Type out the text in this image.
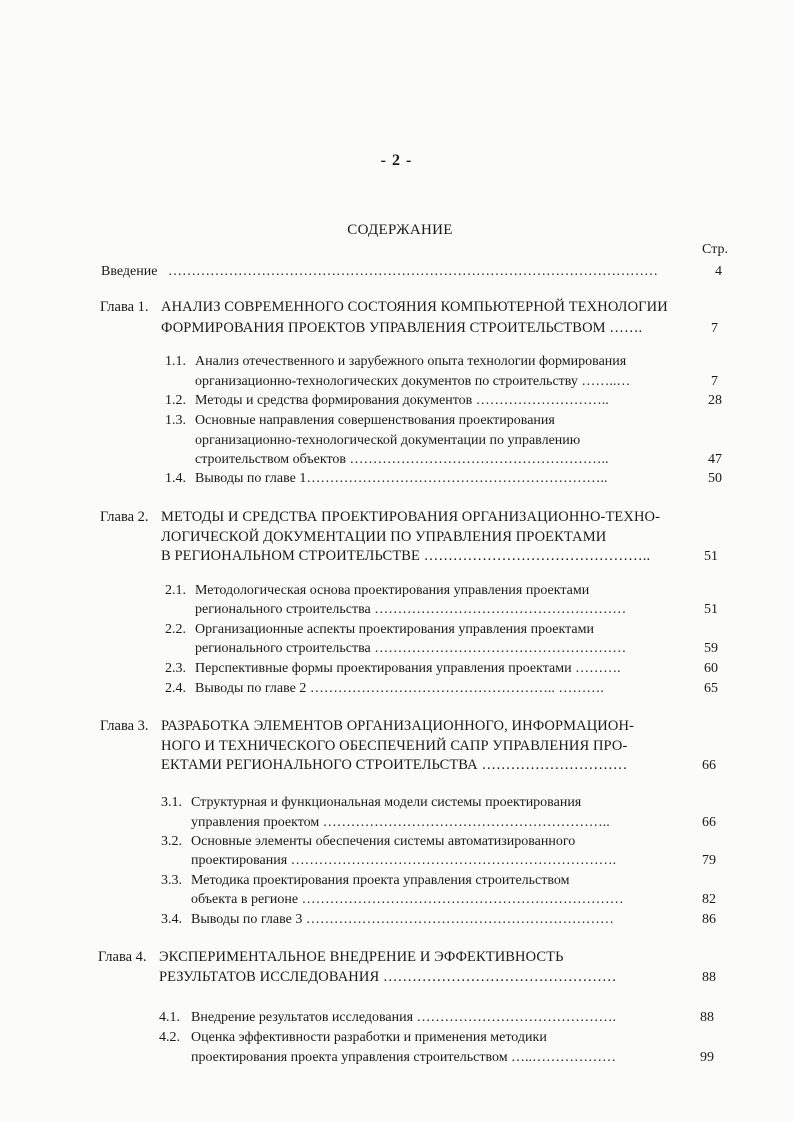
- 2 -
СОДЕРЖАНИЕ
Стр.
Введение ……………………………………………………………………………………………	4
Глава 1. АНАЛИЗ СОВРЕМЕННОГО СОСТОЯНИЯ КОМПЬЮТЕРНОЙ ТЕХНОЛОГИИ
ФОРМИРОВАНИЯ ПРОЕКТОВ УПРАВЛЕНИЯ СТРОИТЕЛЬСТВОМ …….	7
1.1. Анализ отечественного и зарубежного опыта технологии формирования
организационно-технологических документов по строительству ……..…	7
1.2. Методы и средства формирования документов ………………………..	28
1.3. Основные направления совершенствования проектирования
организационно-технологической документации по управлению
строительством объектов ………………………………………………..	47
1.4. Выводы по главе 1………………………………………………………..	50
Глава 2. МЕТОДЫ И СРЕДСТВА ПРОЕКТИРОВАНИЯ ОРГАНИЗАЦИОННО-ТЕХНО-
ЛОГИЧЕСКОЙ ДОКУМЕНТАЦИИ ПО УПРАВЛЕНИЯ ПРОЕКТАМИ
В РЕГИОНАЛЬНОМ СТРОИТЕЛЬСТВЕ ………………………………………..	51
2.1. Методологическая основа проектирования управления проектами
регионального строительства ………………………………………………	51
2.2. Организационные аспекты проектирования управления проектами
регионального строительства ………………………………………………	59
2.3. Перспективные формы проектирования управления проектами ……….	60
2.4. Выводы по главе 2 …………………………………………….. ……….	65
Глава 3. РАЗРАБОТКА ЭЛЕМЕНТОВ ОРГАНИЗАЦИОННОГО, ИНФОРМАЦИОН-
НОГО И ТЕХНИЧЕСКОГО ОБЕСПЕЧЕНИЙ САПР УПРАВЛЕНИЯ ПРО-
ЕКТАМИ РЕГИОНАЛЬНОГО СТРОИТЕЛЬСТВА …………………………	66
3.1. Структурная и функциональная модели системы проектирования
управления проектом ……………………………………………………..	66
3.2. Основные элементы обеспечения системы автоматизированного
проектирования …………………………………………………………….	79
3.3. Методика проектирования проекта управления строительством
объекта в регионе ……………………………………………………………	82
3.4. Выводы по главе 3 …………………………………………………………	86
Глава 4. ЭКСПЕРИМЕНТАЛЬНОЕ ВНЕДРЕНИЕ И ЭФФЕКТИВНОСТЬ
РЕЗУЛЬТАТОВ ИССЛЕДОВАНИЯ …………………………………………	88
4.1. Внедрение результатов исследования …………………………………….	88
4.2. Оценка эффективности разработки и применения методики
проектирования проекта управления строительством …..………………	99
